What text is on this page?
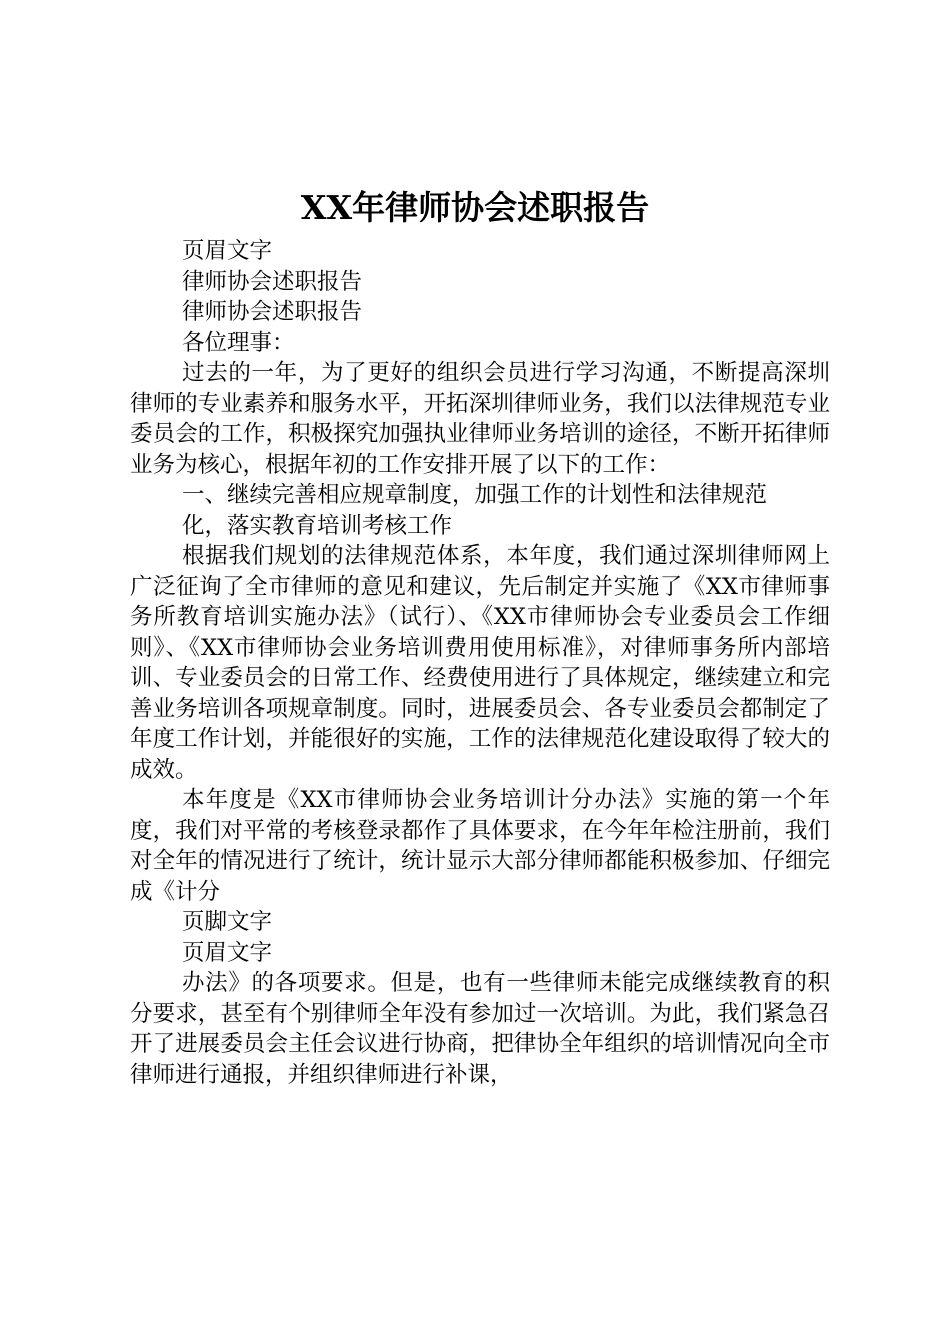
XX年律师协会述职报告

页眉文字

律师协会述职报告

律师协会述职报告

各位理事：

过去的一年，为了更好的组织会员进行学习沟通，不断提高深圳律师的专业素养和服务水平，开拓深圳律师业务，我们以法律规范专业委员会的工作，积极探究加强执业律师业务培训的途径，不断开拓律师业务为核心，根据年初的工作安排开展了以下的工作：

一、继续完善相应规章制度，加强工作的计划性和法律规范

化，落实教育培训考核工作

根据我们规划的法律规范体系，本年度，我们通过深圳律师网上广泛征询了全市律师的意见和建议，先后制定并实施了《XX市律师事务所教育培训实施办法》（试行）、《XX市律师协会专业委员会工作细则》、《XX市律师协会业务培训费用使用标准》，对律师事务所内部培训、专业委员会的日常工作、经费使用进行了具体规定，继续建立和完善业务培训各项规章制度。同时，进展委员会、各专业委员会都制定了年度工作计划，并能很好的实施，工作的法律规范化建设取得了较大的成效。

本年度是《XX市律师协会业务培训计分办法》实施的第一个年度，我们对平常的考核登录都作了具体要求，在今年年检注册前，我们对全年的情况进行了统计，统计显示大部分律师都能积极参加、仔细完成《计分

页脚文字

页眉文字

办法》的各项要求。但是，也有一些律师未能完成继续教育的积分要求，甚至有个别律师全年没有参加过一次培训。为此，我们紧急召开了进展委员会主任会议进行协商，把律协全年组织的培训情况向全市律师进行通报，并组织律师进行补课，
